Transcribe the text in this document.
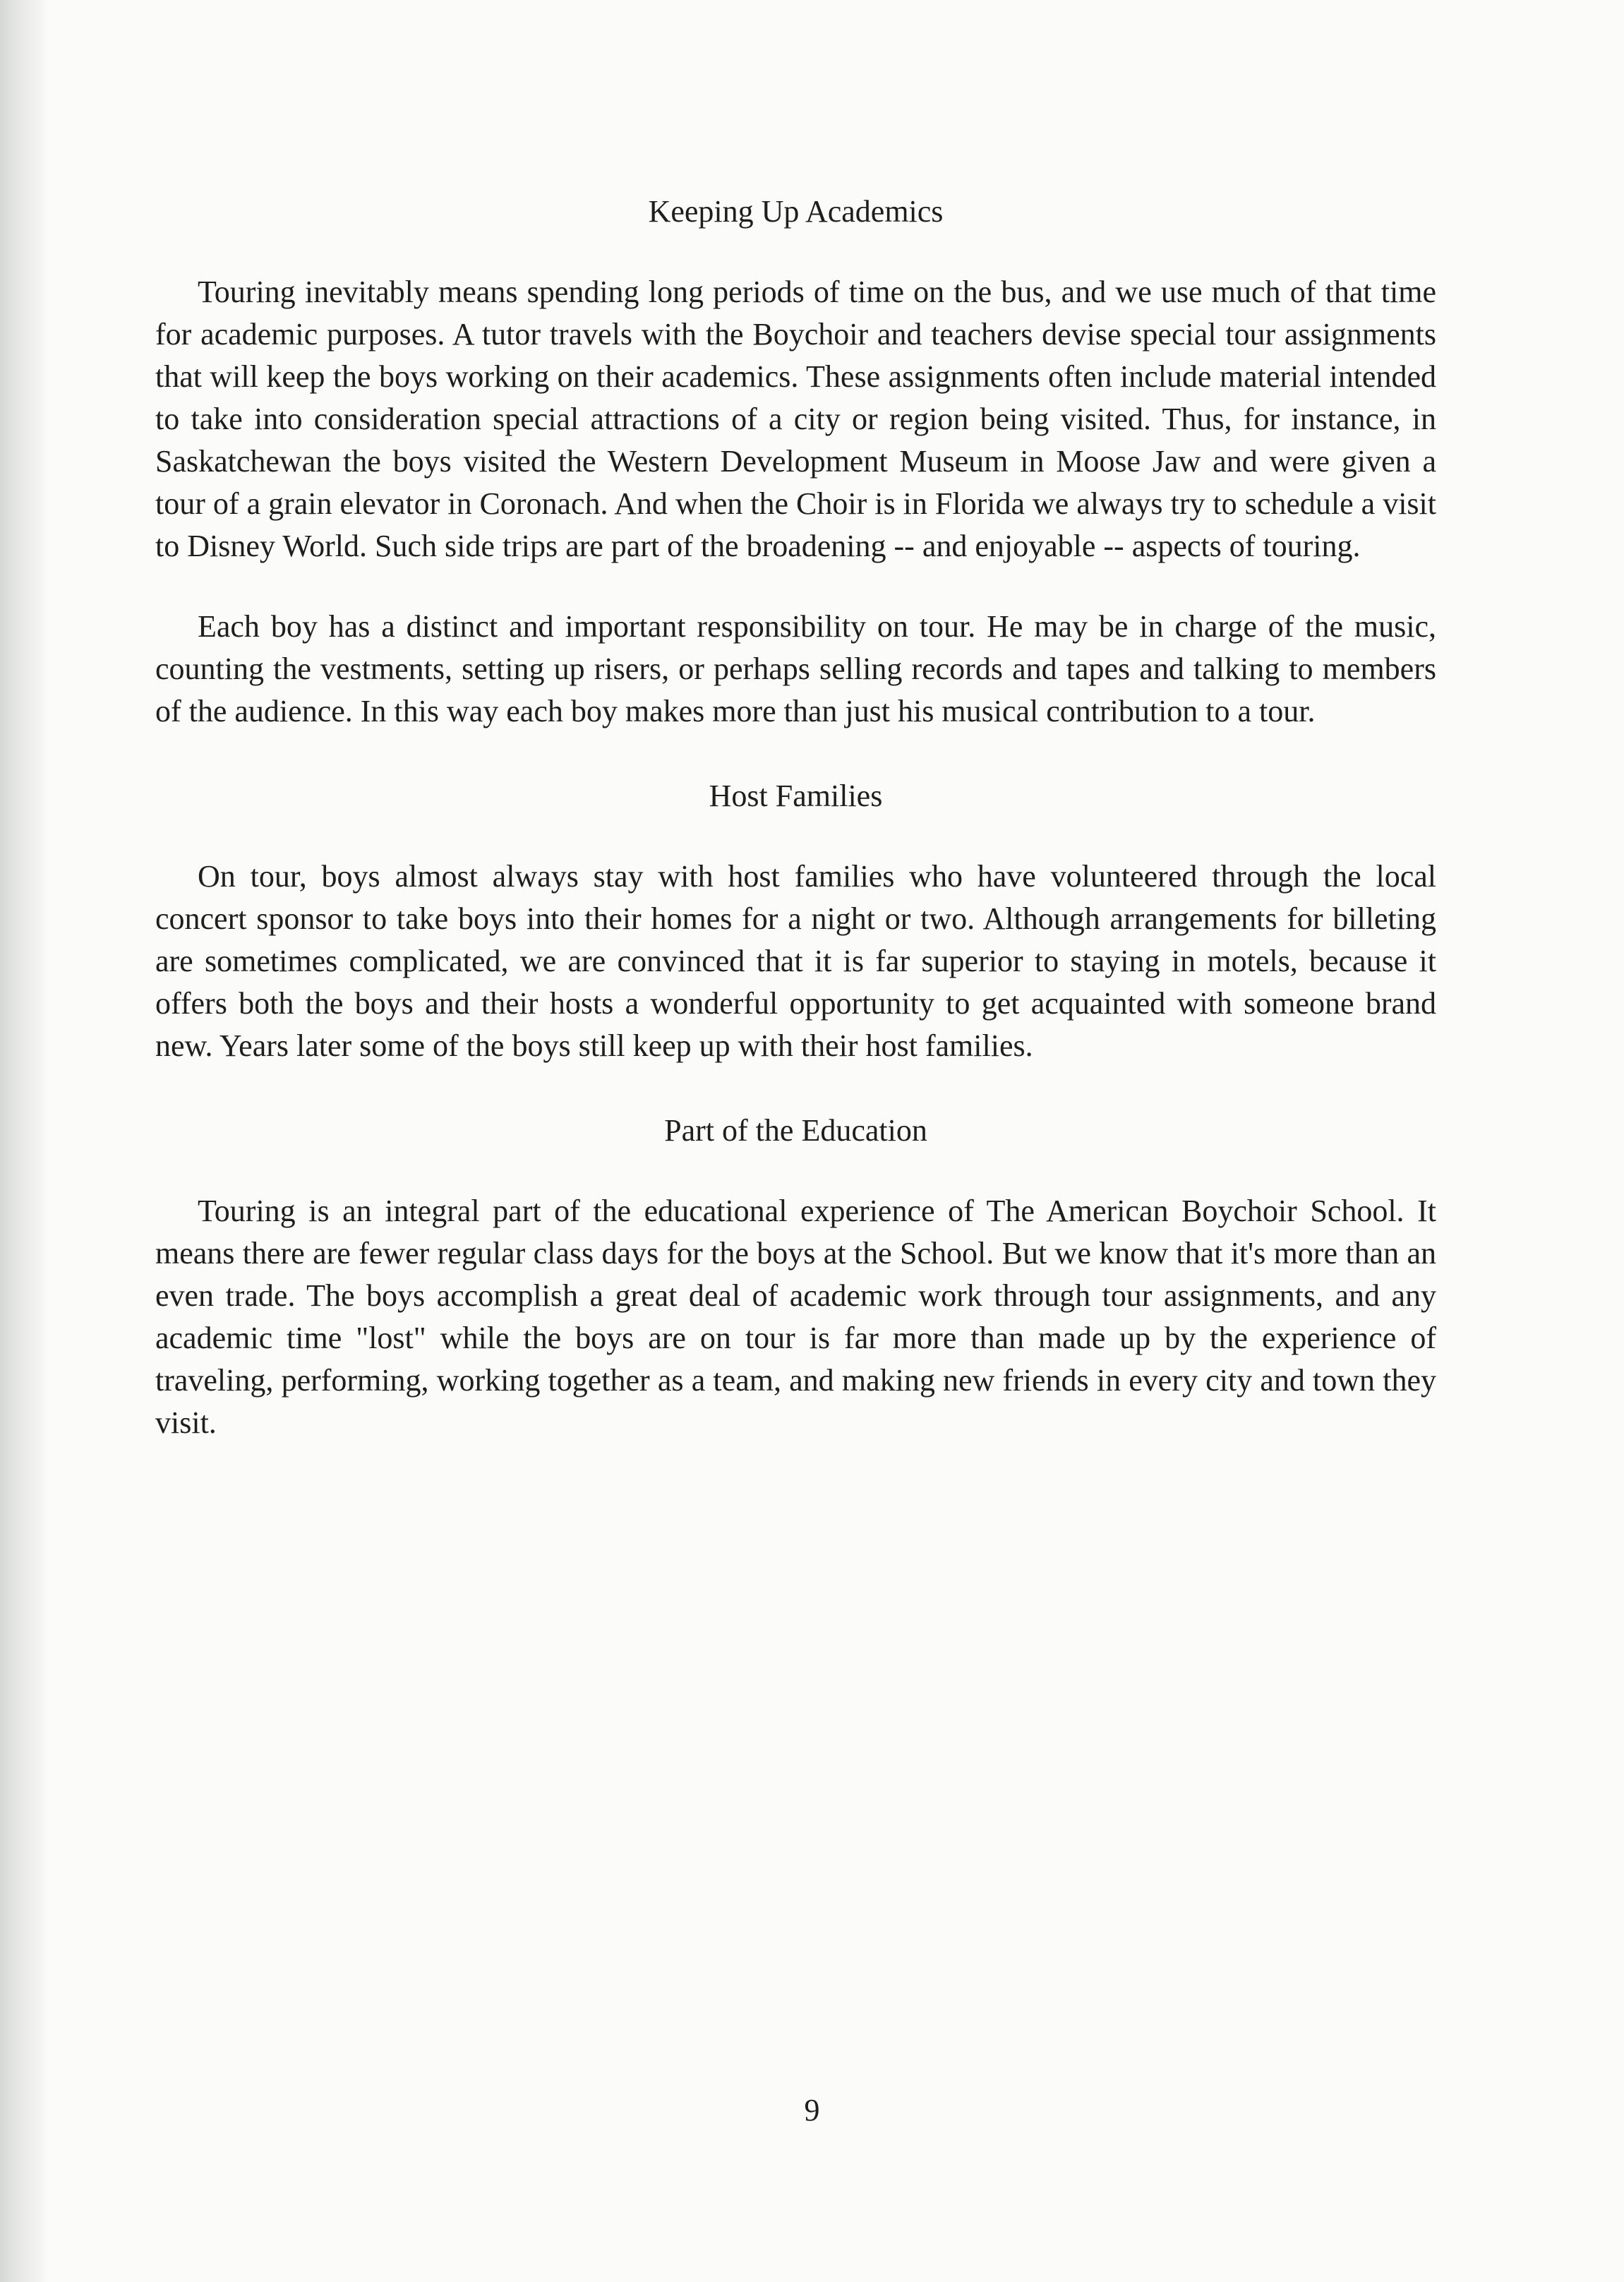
Keeping Up Academics

Touring inevitably means spending long periods of time on the bus, and we use much of that time for academic purposes. A tutor travels with the Boychoir and teachers devise special tour assignments that will keep the boys working on their academics. These assignments often include material intended to take into consideration special attractions of a city or region being visited. Thus, for instance, in Saskatchewan the boys visited the Western Development Museum in Moose Jaw and were given a tour of a grain elevator in Coronach. And when the Choir is in Florida we always try to schedule a visit to Disney World. Such side trips are part of the broadening -- and enjoyable -- aspects of touring.

Each boy has a distinct and important responsibility on tour. He may be in charge of the music, counting the vestments, setting up risers, or perhaps selling records and tapes and talking to members of the audience. In this way each boy makes more than just his musical contribution to a tour.

Host Families

On tour, boys almost always stay with host families who have volunteered through the local concert sponsor to take boys into their homes for a night or two. Although arrangements for billeting are sometimes complicated, we are convinced that it is far superior to staying in motels, because it offers both the boys and their hosts a wonderful opportunity to get acquainted with someone brand new. Years later some of the boys still keep up with their host families.

Part of the Education

Touring is an integral part of the educational experience of The American Boychoir School. It means there are fewer regular class days for the boys at the School. But we know that it's more than an even trade. The boys accomplish a great deal of academic work through tour assignments, and any academic time "lost" while the boys are on tour is far more than made up by the experience of traveling, performing, working together as a team, and making new friends in every city and town they visit.

9
